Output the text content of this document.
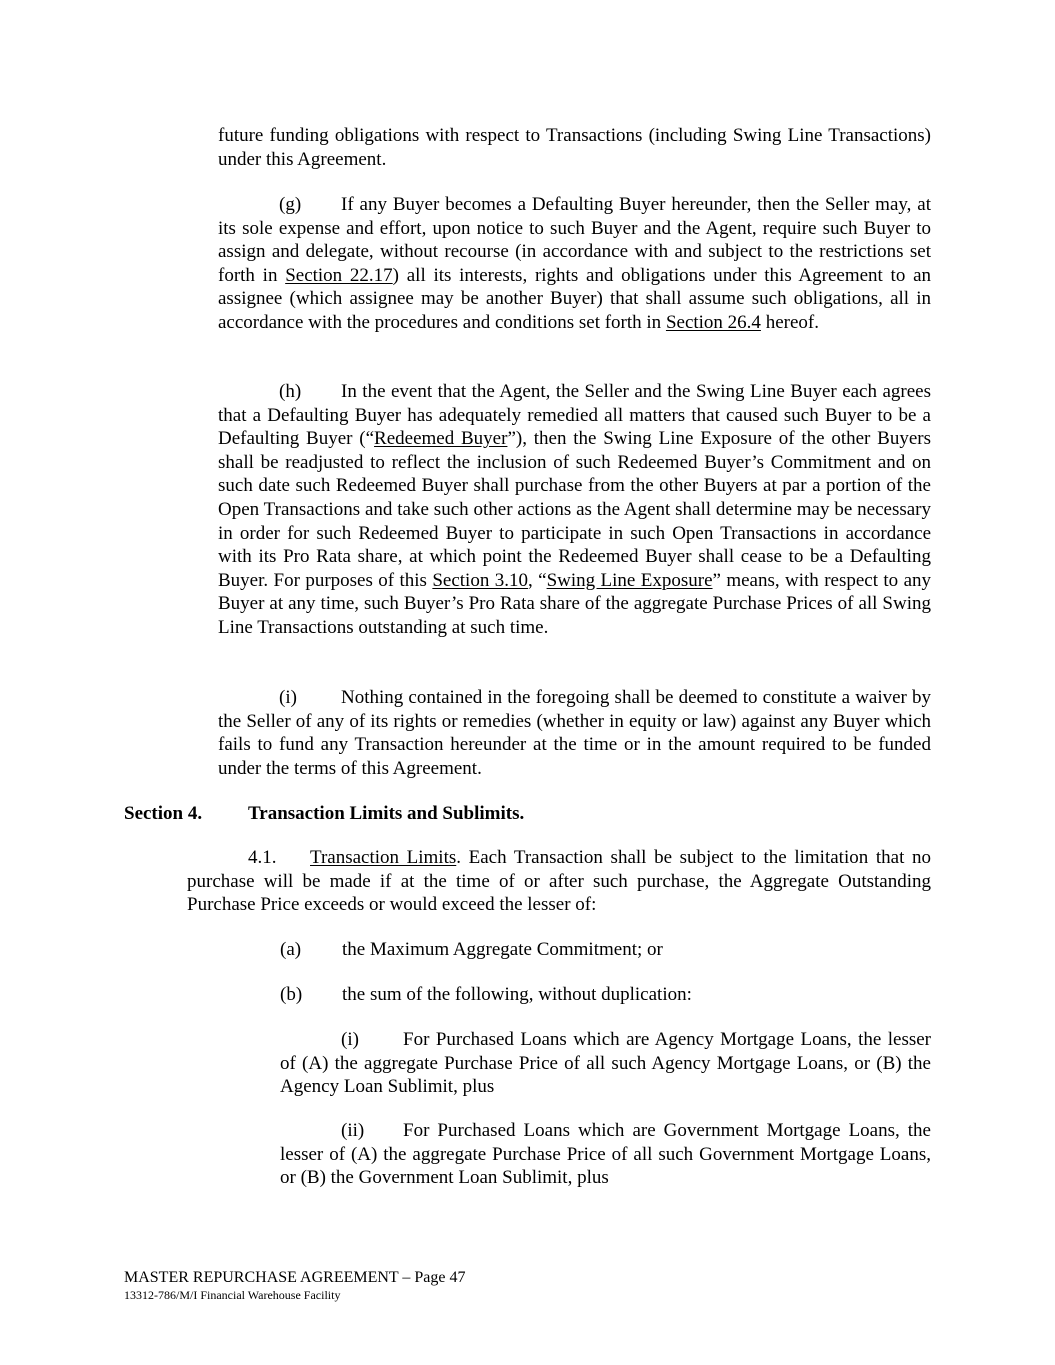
future funding obligations with respect to Transactions (including Swing Line Transactions) under this Agreement.

(g) If any Buyer becomes a Defaulting Buyer hereunder, then the Seller may, at its sole expense and effort, upon notice to such Buyer and the Agent, require such Buyer to assign and delegate, without recourse (in accordance with and subject to the restrictions set forth in Section 22.17) all its interests, rights and obligations under this Agreement to an assignee (which assignee may be another Buyer) that shall assume such obligations, all in accordance with the procedures and conditions set forth in Section 26.4 hereof.

(h) In the event that the Agent, the Seller and the Swing Line Buyer each agrees that a Defaulting Buyer has adequately remedied all matters that caused such Buyer to be a Defaulting Buyer (“Redeemed Buyer”), then the Swing Line Exposure of the other Buyers shall be readjusted to reflect the inclusion of such Redeemed Buyer’s Commitment and on such date such Redeemed Buyer shall purchase from the other Buyers at par a portion of the Open Transactions and take such other actions as the Agent shall determine may be necessary in order for such Redeemed Buyer to participate in such Open Transactions in accordance with its Pro Rata share, at which point the Redeemed Buyer shall cease to be a Defaulting Buyer. For purposes of this Section 3.10, “Swing Line Exposure” means, with respect to any Buyer at any time, such Buyer’s Pro Rata share of the aggregate Purchase Prices of all Swing Line Transactions outstanding at such time.

(i) Nothing contained in the foregoing shall be deemed to constitute a waiver by the Seller of any of its rights or remedies (whether in equity or law) against any Buyer which fails to fund any Transaction hereunder at the time or in the amount required to be funded under the terms of this Agreement.

Section 4. Transaction Limits and Sublimits.

4.1. Transaction Limits. Each Transaction shall be subject to the limitation that no purchase will be made if at the time of or after such purchase, the Aggregate Outstanding Purchase Price exceeds or would exceed the lesser of:

(a) the Maximum Aggregate Commitment; or
(b) the sum of the following, without duplication:

(i) For Purchased Loans which are Agency Mortgage Loans, the lesser of (A) the aggregate Purchase Price of all such Agency Mortgage Loans, or (B) the Agency Loan Sublimit, plus

(ii) For Purchased Loans which are Government Mortgage Loans, the lesser of (A) the aggregate Purchase Price of all such Government Mortgage Loans, or (B) the Government Loan Sublimit, plus

MASTER REPURCHASE AGREEMENT – Page 47
13312-786/M/I Financial Warehouse Facility
